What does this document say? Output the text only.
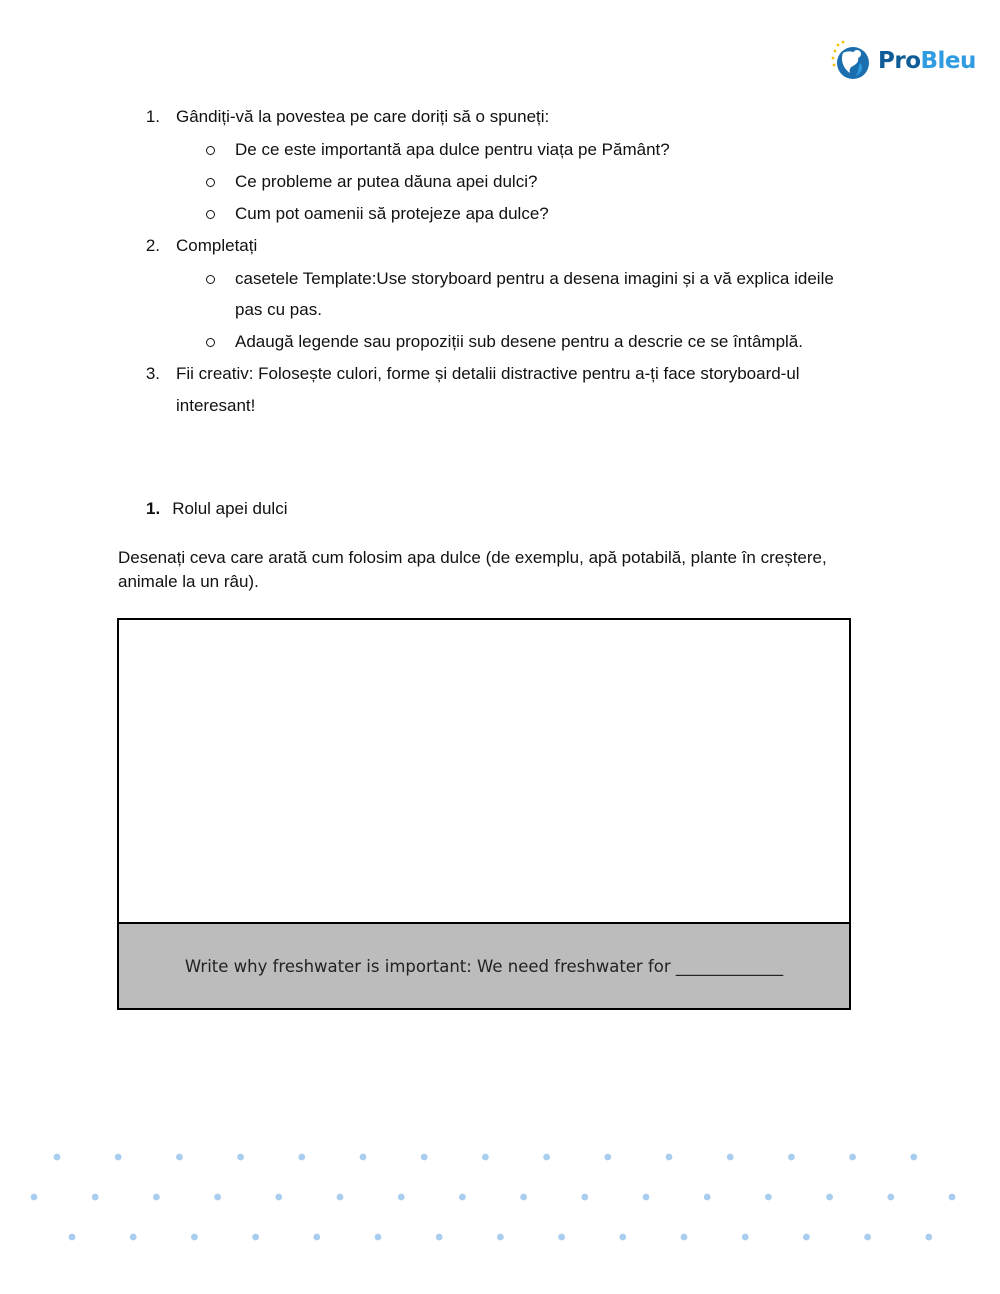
ProBleu
1. Gândiți-vă la povestea pe care doriți să o spuneți:
De ce este importantă apa dulce pentru viața pe Pământ?
Ce probleme ar putea dăuna apei dulci?
Cum pot oamenii să protejeze apa dulce?
2. Completați
casetele Template:Use storyboard pentru a desena imagini și a vă explica ideile
pas cu pas.
Adaugă legende sau propoziții sub desene pentru a descrie ce se întâmplă.
3. Fii creativ: Folosește culori, forme și detalii distractive pentru a-ți face storyboard-ul
interesant!
1. Rolul apei dulci
Desenați ceva care arată cum folosim apa dulce (de exemplu, apă potabilă, plante în creștere, animale la un râu).
Write why freshwater is important: We need freshwater for _____________
